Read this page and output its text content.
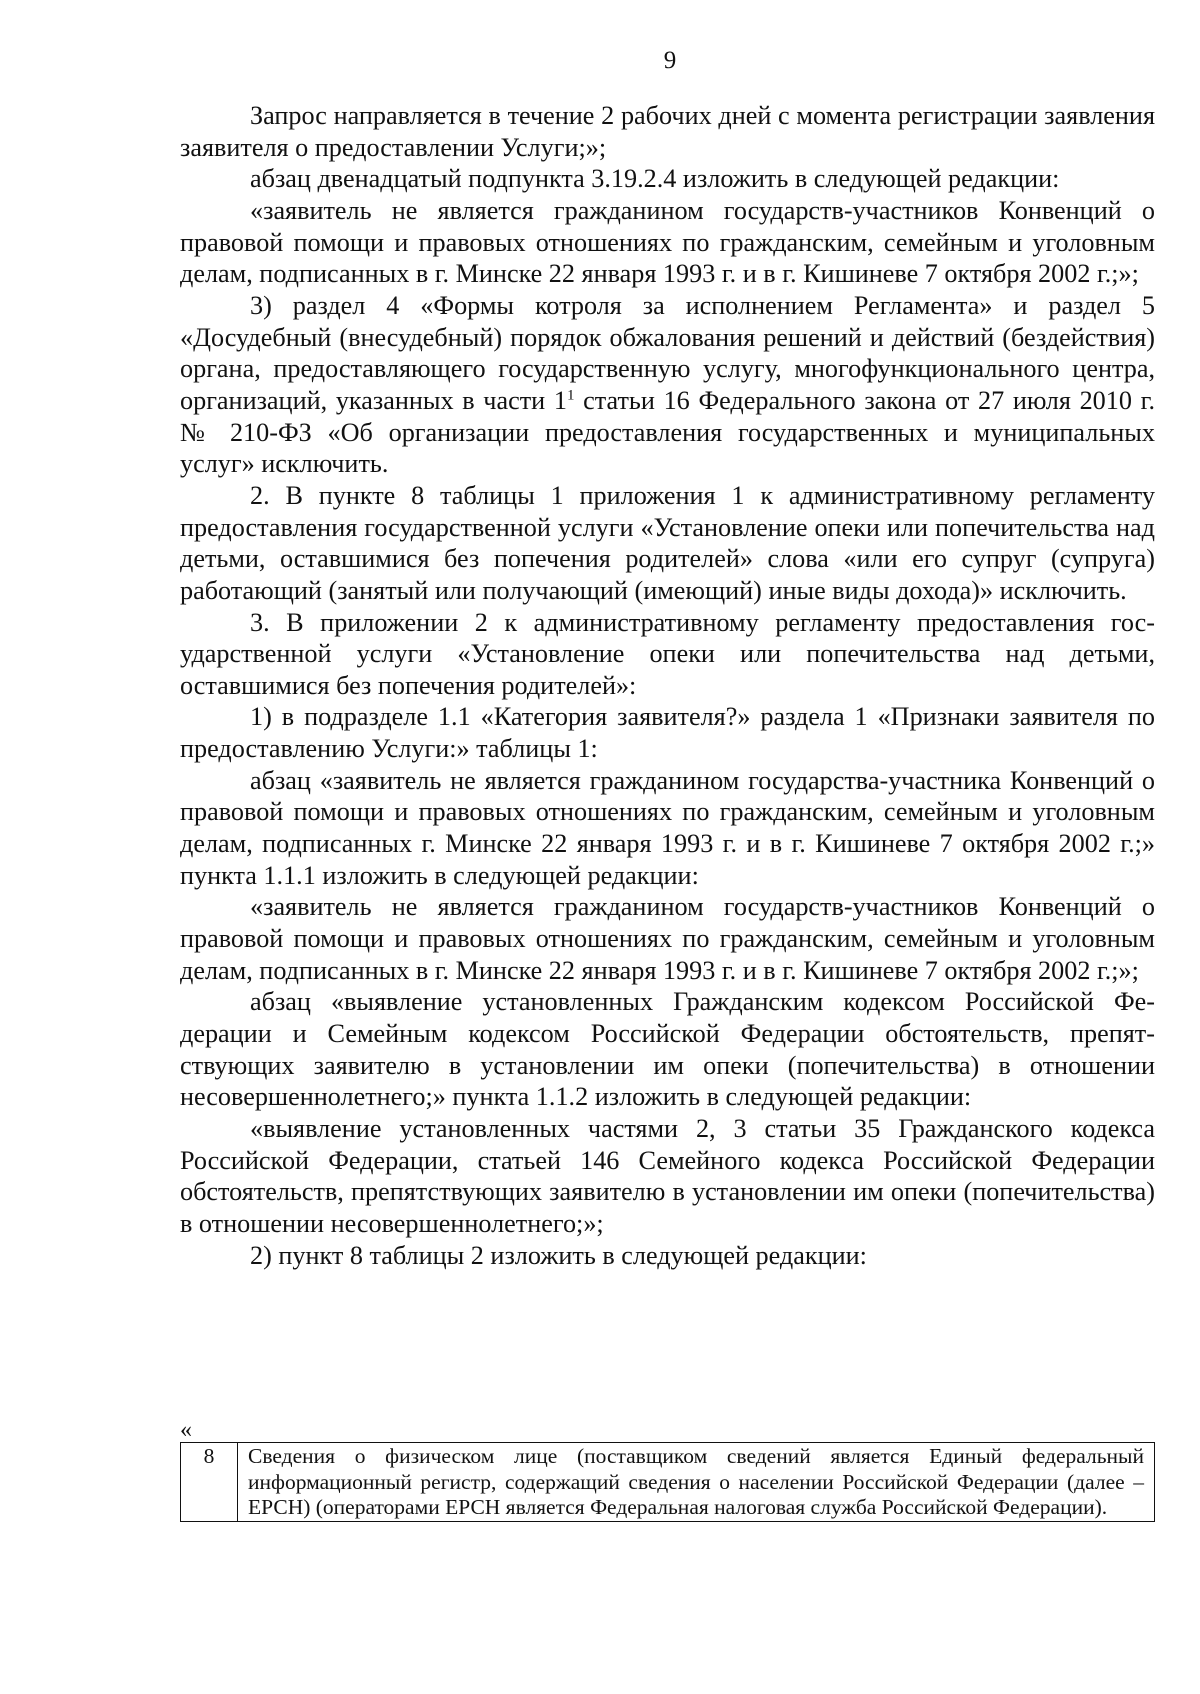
9

Запрос направляется в течение 2 рабочих дней с момента регистрации заявления заявителя о предоставлении Услуги;»;

абзац двенадцатый подпункта 3.19.2.4 изложить в следующей редакции:

«заявитель не является гражданином государств-участников Конвенций о правовой помощи и правовых отношениях по гражданским, семейным и уголовным делам, подписанных в г. Минске 22 января 1993 г. и в г. Кишиневе 7 октября 2002 г.;»;

3) раздел 4 «Формы котроля за исполнением Регламента» и раздел 5 «Досудебный (внесудебный) порядок обжалования решений и действий (бездействия) органа, предоставляющего государственную услугу, многофункционального центра, организаций, указанных в части $1^1$ статьи 16 Федерального закона от 27 июля 2010 г. № 210-ФЗ «Об организации предоставления государственных и муниципальных услуг» исключить.

2. В пункте 8 таблицы 1 приложения 1 к административному регламенту предоставления государственной услуги «Установление опеки или попечительства над детьми, оставшимися без попечения родителей» слова «или его супруг (супруга) работающий (занятый или получающий (имеющий) иные виды дохода)» исключить.

3. В приложении 2 к административному регламенту предоставления государственной услуги «Установление опеки или попечительства над детьми, оставшимися без попечения родителей»:

1) в подразделе 1.1 «Категория заявителя?» раздела 1 «Признаки заявителя по предоставлению Услуги:» таблицы 1:

абзац «заявитель не является гражданином государства-участника Конвенций о правовой помощи и правовых отношениях по гражданским, семейным и уголовным делам, подписанных г. Минске 22 января 1993 г. и в г. Кишиневе 7 октября 2002 г.;» пункта 1.1.1 изложить в следующей редакции:

«заявитель не является гражданином государств-участников Конвенций о правовой помощи и правовых отношениях по гражданским, семейным и уголовным делам, подписанных в г. Минске 22 января 1993 г. и в г. Кишиневе 7 октября 2002 г.;»;

абзац «выявление установленных Гражданским кодексом Российской Федерации и Семейным кодексом Российской Федерации обстоятельств, препятствующих заявителю в установлении им опеки (попечительства) в отношении несовершеннолетнего;» пункта 1.1.2 изложить в следующей редакции:

«выявление установленных частями 2, 3 статьи 35 Гражданского кодекса Российской Федерации, статьей 146 Семейного кодекса Российской Федерации обстоятельств, препятствующих заявителю в установлении им опеки (попечительства) в отношении несовершеннолетнего;»;

2) пункт 8 таблицы 2 изложить в следующей редакции:

«
8	Сведения о физическом лице (поставщиком сведений является Единый федеральный информационный регистр, содержащий сведения о населении Российской Федерации (далее – ЕРСН) (операторами ЕРСН является Федеральная налоговая служба Российской Федерации).
